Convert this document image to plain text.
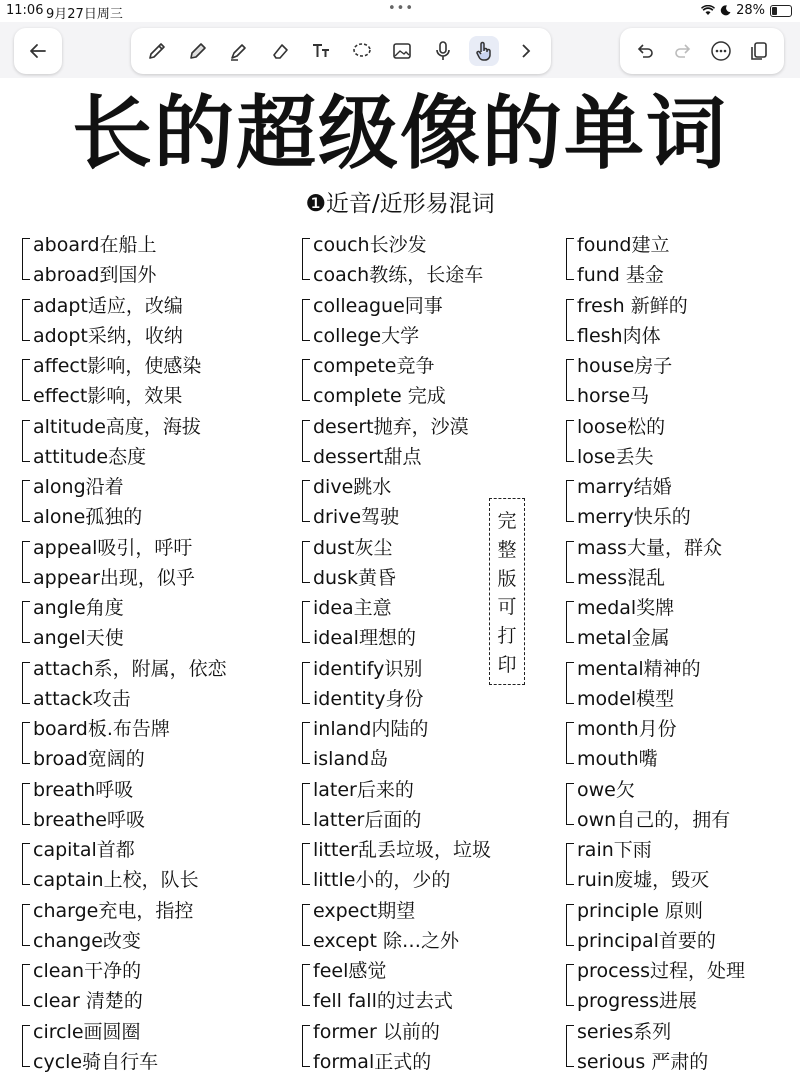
11:06 9月27日周三	•••	28%
长的超级像的单词
❶近音/近形易混词
aboard在船上
abroad到国外
adapt适应，改编
adopt采纳，收纳
affect影响，使感染
effect影响，效果
altitude高度，海拔
attitude态度
along沿着
alone孤独的
appeal吸引，呼吁
appear出现，似乎
angle角度
angel天使
attach系，附属，依恋
attack攻击
board板.布告牌
broad宽阔的
breath呼吸
breathe呼吸
capital首都
captain上校，队长
charge充电，指控
change改变
clean干净的
clear 清楚的
circle画圆圈
cycle骑自行车
couch长沙发
coach教练，长途车
colleague同事
college大学
compete竞争
complete 完成
desert抛弃，沙漠
dessert甜点
dive跳水
drive驾驶
dust灰尘
dusk黄昏
idea主意
ideal理想的
identify识别
identity身份
inland内陆的
island岛
later后来的
latter后面的
litter乱丢垃圾，垃圾
little小的，少的
expect期望
except 除…之外
feel感觉
fell fall的过去式
former 以前的
formal正式的
found建立
fund 基金
fresh 新鲜的
flesh肉体
house房子
horse马
loose松的
lose丢失
marry结婚
merry快乐的
mass大量，群众
mess混乱
medal奖牌
metal金属
mental精神的
model模型
month月份
mouth嘴
owe欠
own自己的，拥有
rain下雨
ruin废墟，毁灭
principle 原则
principal首要的
process过程，处理
progress进展
series系列
serious 严肃的
完
整
版
可
打
印
